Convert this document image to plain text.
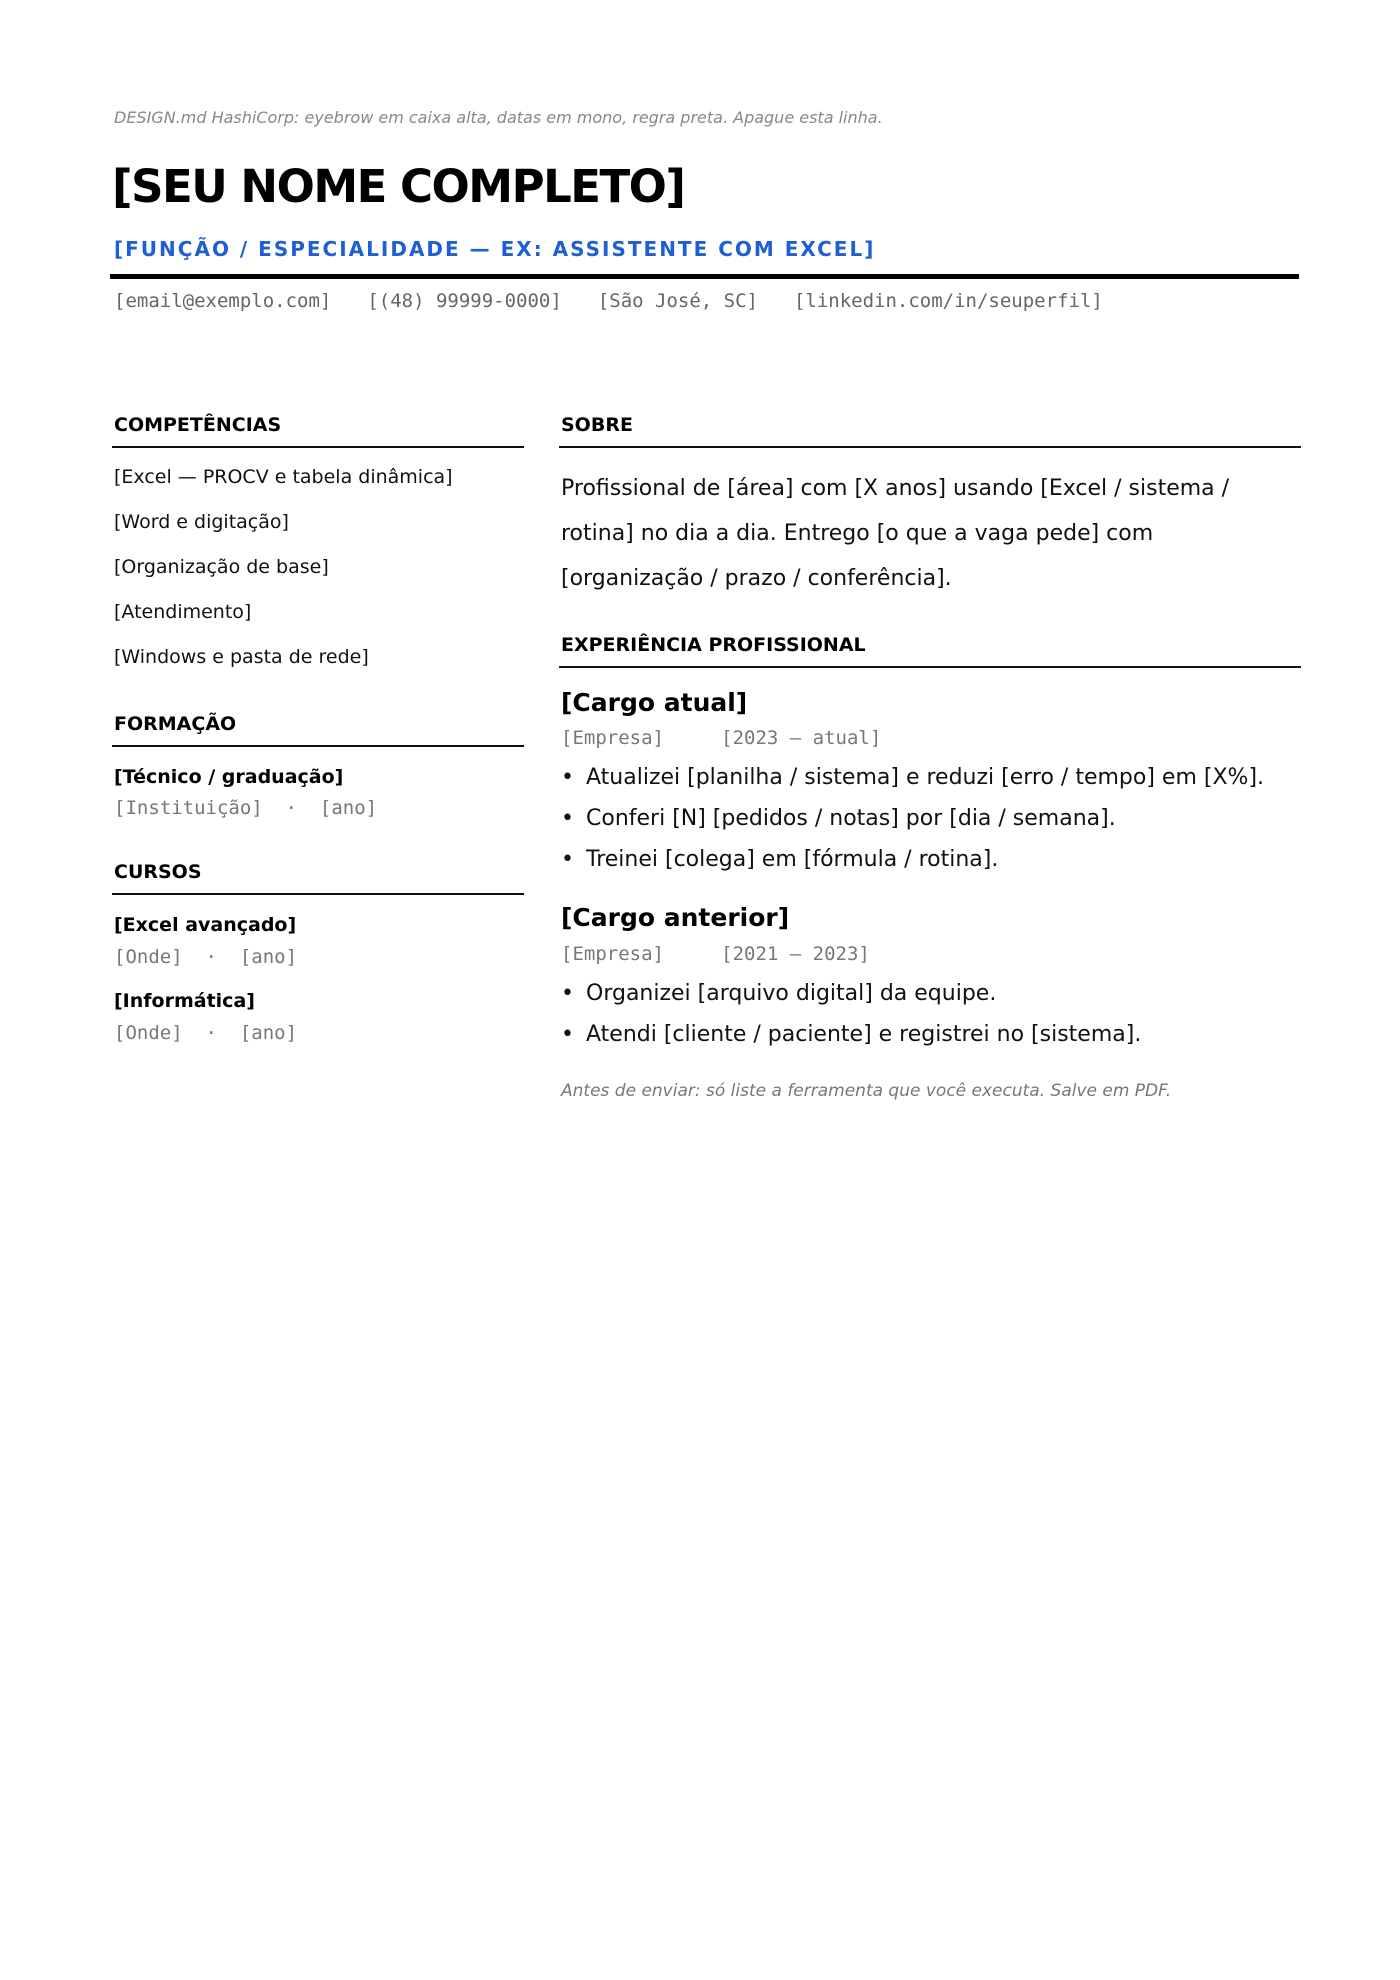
DESIGN.md HashiCorp: eyebrow em caixa alta, datas em mono, regra preta. Apague esta linha.
[SEU NOME COMPLETO]
[FUNÇÃO / ESPECIALIDADE — EX: ASSISTENTE COM EXCEL]
[email@exemplo.com] [(48) 99999-0000] [São José, SC] [linkedin.com/in/seuperfil]
COMPETÊNCIAS
[Excel — PROCV e tabela dinâmica]
[Word e digitação]
[Organização de base]
[Atendimento]
[Windows e pasta de rede]
FORMAÇÃO
[Técnico / graduação]
[Instituição]  ·  [ano]
CURSOS
[Excel avançado]
[Onde]  ·  [ano]
[Informática]
[Onde]  ·  [ano]
SOBRE
Profissional de [área] com [X anos] usando [Excel / sistema / rotina] no dia a dia. Entrego [o que a vaga pede] com [organização / prazo / conferência].
EXPERIÊNCIA PROFISSIONAL
[Cargo atual]
[Empresa]     [2023 – atual]
• Atualizei [planilha / sistema] e reduzi [erro / tempo] em [X%].
• Conferi [N] [pedidos / notas] por [dia / semana].
• Treinei [colega] em [fórmula / rotina].
[Cargo anterior]
[Empresa]     [2021 – 2023]
• Organizei [arquivo digital] da equipe.
• Atendi [cliente / paciente] e registrei no [sistema].
Antes de enviar: só liste a ferramenta que você executa. Salve em PDF.
